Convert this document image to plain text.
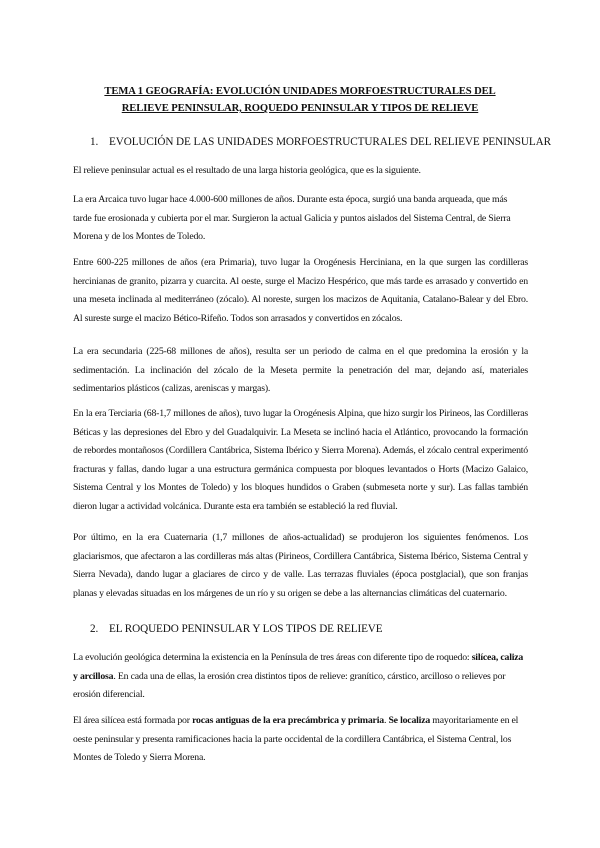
TEMA 1 GEOGRAFÍA: EVOLUCIÓN UNIDADES MORFOESTRUCTURALES DEL
RELIEVE PENINSULAR, ROQUEDO PENINSULAR Y TIPOS DE RELIEVE
1. EVOLUCIÓN DE LAS UNIDADES MORFOESTRUCTURALES DEL RELIEVE PENINSULAR
El relieve peninsular actual es el resultado de una larga historia geológica, que es la siguiente.
La era Arcaica tuvo lugar hace 4.000-600 millones de años. Durante esta época, surgió una banda arqueada, que más tarde fue erosionada y cubierta por el mar. Surgieron la actual Galicia y puntos aislados del Sistema Central, de Sierra Morena y de los Montes de Toledo.
Entre 600-225 millones de años (era Primaria), tuvo lugar la Orogénesis Herciniana, en la que surgen las cordilleras hercinianas de granito, pizarra y cuarcita. Al oeste, surge el Macizo Hespérico, que más tarde es arrasado y convertido en una meseta inclinada al mediterráneo (zócalo). Al noreste, surgen los macizos de Aquitania, Catalano-Balear y del Ebro. Al sureste surge el macizo Bético-Rifeño. Todos son arrasados y convertidos en zócalos.
La era secundaria (225-68 millones de años), resulta ser un periodo de calma en el que predomina la erosión y la sedimentación. La inclinación del zócalo de la Meseta permite la penetración del mar, dejando así, materiales sedimentarios plásticos (calizas, areniscas y margas).
En la era Terciaria (68-1,7 millones de años), tuvo lugar la Orogénesis Alpina, que hizo surgir los Pirineos, las Cordilleras Béticas y las depresiones del Ebro y del Guadalquivir. La Meseta se inclinó hacia el Atlántico, provocando la formación de rebordes montañosos (Cordillera Cantábrica, Sistema Ibérico y Sierra Morena). Además, el zócalo central experimentó fracturas y fallas, dando lugar a una estructura germánica compuesta por bloques levantados o Horts (Macizo Galaico, Sistema Central y los Montes de Toledo) y los bloques hundidos o Graben (submeseta norte y sur). Las fallas también dieron lugar a actividad volcánica. Durante esta era también se estableció la red fluvial.
Por último, en la era Cuaternaria (1,7 millones de años-actualidad) se produjeron los siguientes fenómenos. Los glaciarismos, que afectaron a las cordilleras más altas (Pirineos, Cordillera Cantábrica, Sistema Ibérico, Sistema Central y Sierra Nevada), dando lugar a glaciares de circo y de valle. Las terrazas fluviales (época postglacial), que son franjas planas y elevadas situadas en los márgenes de un río y su origen se debe a las alternancias climáticas del cuaternario.
2. EL ROQUEDO PENINSULAR Y LOS TIPOS DE RELIEVE
La evolución geológica determina la existencia en la Península de tres áreas con diferente tipo de roquedo: silícea, caliza y arcillosa. En cada una de ellas, la erosión crea distintos tipos de relieve: granítico, cárstico, arcilloso o relieves por erosión diferencial.
El área silícea está formada por rocas antiguas de la era precámbrica y primaria. Se localiza mayoritariamente en el oeste peninsular y presenta ramificaciones hacia la parte occidental de la cordillera Cantábrica, el Sistema Central, los Montes de Toledo y Sierra Morena.
